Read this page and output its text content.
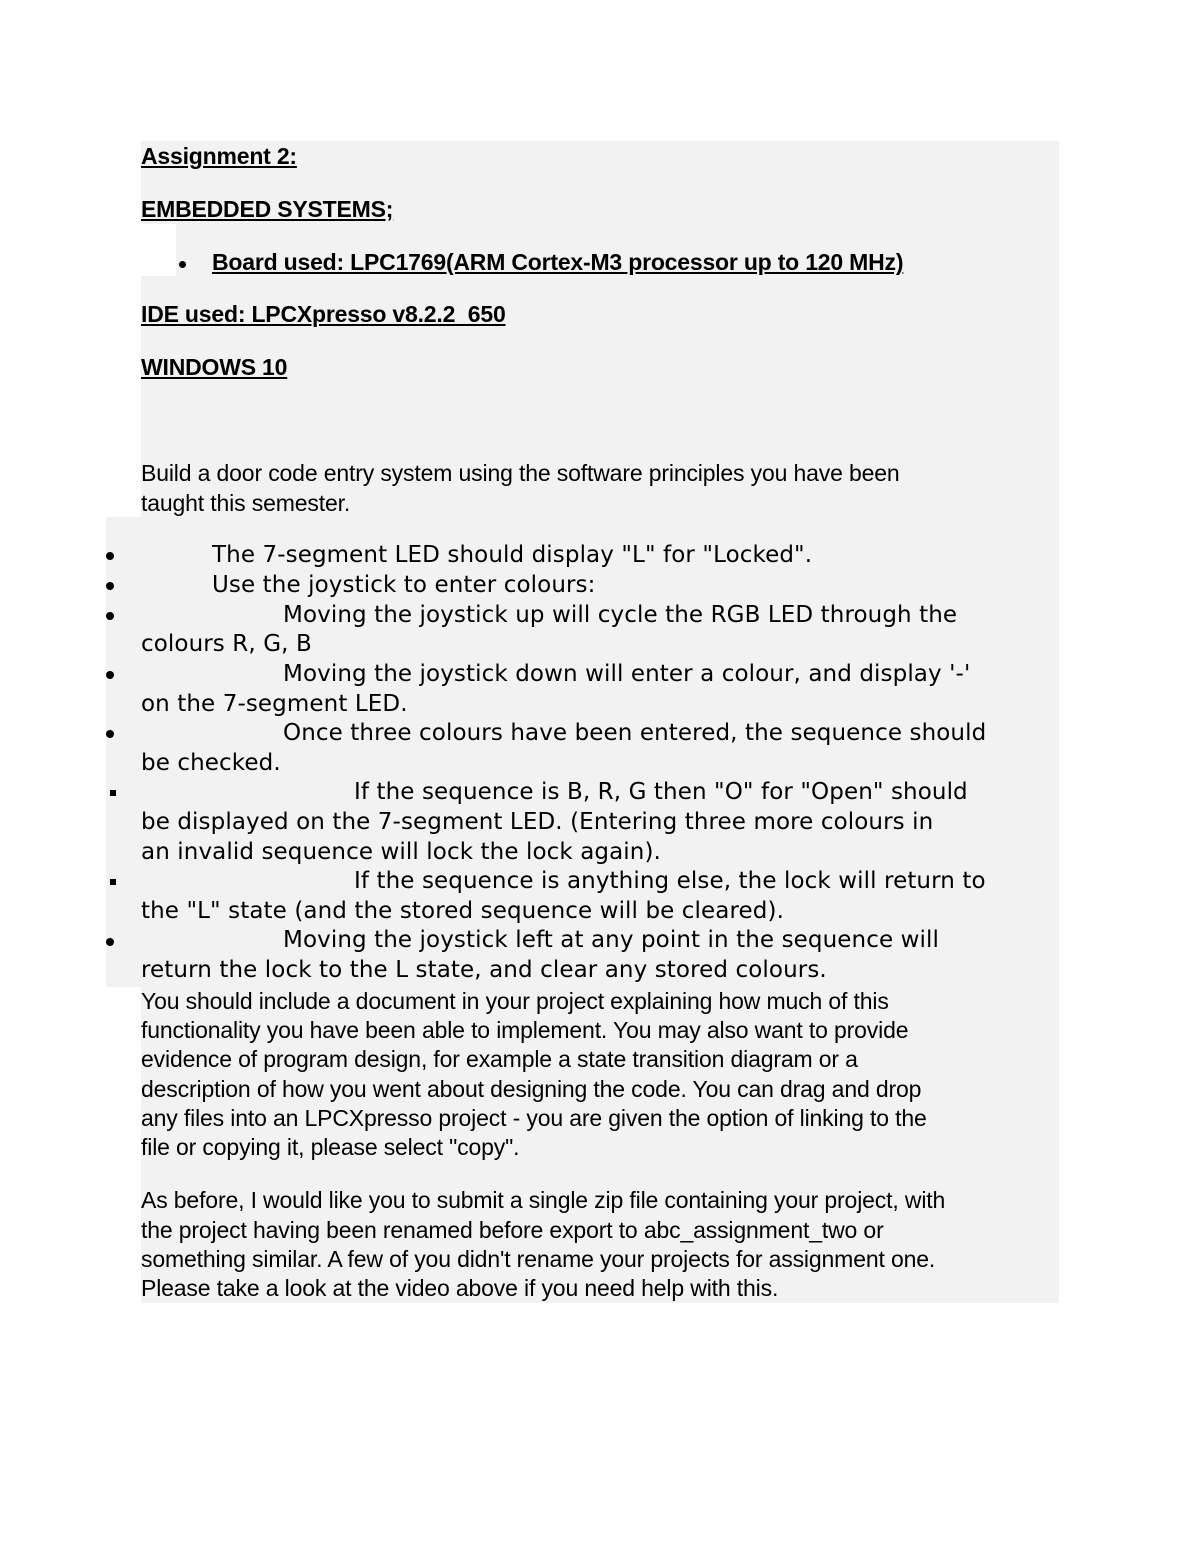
Assignment 2:

EMBEDDED SYSTEMS;

Board used: LPC1769(ARM Cortex-M3 processor up to 120 MHz)

IDE used: LPCXpresso v8.2.2_650

WINDOWS 10

Build a door code entry system using the software principles you have been

taught this semester.

The 7-segment LED should display "L" for "Locked".

Use the joystick to enter colours:

Moving the joystick up will cycle the RGB LED through the

colours R, G, B

Moving the joystick down will enter a colour, and display '-'

on the 7-segment LED.

Once three colours have been entered, the sequence should

be checked.

If the sequence is B, R, G then "O" for "Open" should

be displayed on the 7-segment LED. (Entering three more colours in

an invalid sequence will lock the lock again).

If the sequence is anything else, the lock will return to

the "L" state (and the stored sequence will be cleared).

Moving the joystick left at any point in the sequence will

return the lock to the L state, and clear any stored colours.

You should include a document in your project explaining how much of this

functionality you have been able to implement. You may also want to provide

evidence of program design, for example a state transition diagram or a

description of how you went about designing the code. You can drag and drop

any files into an LPCXpresso project - you are given the option of linking to the

file or copying it, please select "copy".

As before, I would like you to submit a single zip file containing your project, with

the project having been renamed before export to abc_assignment_two or

something similar. A few of you didn't rename your projects for assignment one.

Please take a look at the video above if you need help with this.
